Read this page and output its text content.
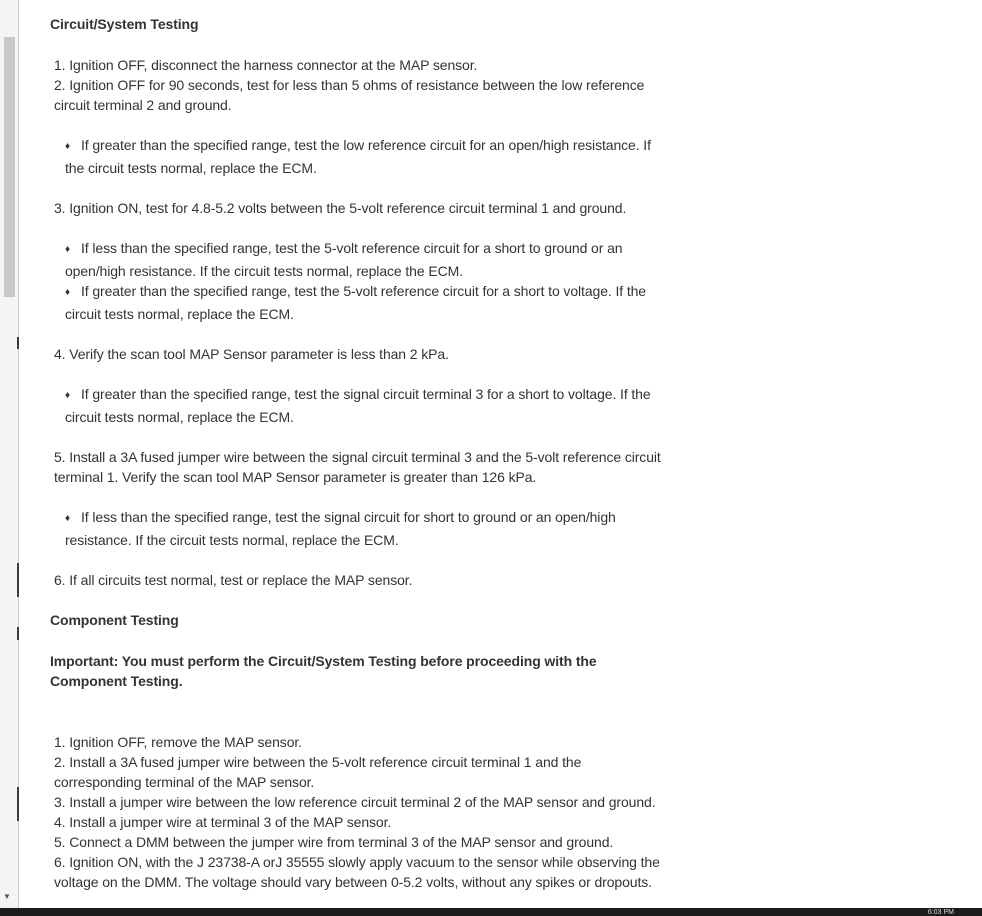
▼
Circuit/System Testing
1. Ignition OFF, disconnect the harness connector at the MAP sensor.
2. Ignition OFF for 90 seconds, test for less than 5 ohms of resistance between the low reference circuit terminal 2 and ground.
♦ If greater than the specified range, test the low reference circuit for an open/high resistance. If the circuit tests normal, replace the ECM.
3. Ignition ON, test for 4.8-5.2 volts between the 5-volt reference circuit terminal 1 and ground.
♦ If less than the specified range, test the 5-volt reference circuit for a short to ground or an open/high resistance. If the circuit tests normal, replace the ECM.
♦ If greater than the specified range, test the 5-volt reference circuit for a short to voltage. If the circuit tests normal, replace the ECM.
4. Verify the scan tool MAP Sensor parameter is less than 2 kPa.
♦ If greater than the specified range, test the signal circuit terminal 3 for a short to voltage. If the circuit tests normal, replace the ECM.
5. Install a 3A fused jumper wire between the signal circuit terminal 3 and the 5-volt reference circuit terminal 1. Verify the scan tool MAP Sensor parameter is greater than 126 kPa.
♦ If less than the specified range, test the signal circuit for short to ground or an open/high resistance. If the circuit tests normal, replace the ECM.
6. If all circuits test normal, test or replace the MAP sensor.
Component Testing
Important: You must perform the Circuit/System Testing before proceeding with the Component Testing.
1. Ignition OFF, remove the MAP sensor.
2. Install a 3A fused jumper wire between the 5-volt reference circuit terminal 1 and the corresponding terminal of the MAP sensor.
3. Install a jumper wire between the low reference circuit terminal 2 of the MAP sensor and ground.
4. Install a jumper wire at terminal 3 of the MAP sensor.
5. Connect a DMM between the jumper wire from terminal 3 of the MAP sensor and ground.
6. Ignition ON, with the J 23738-A orJ 35555 slowly apply vacuum to the sensor while observing the voltage on the DMM. The voltage should vary between 0-5.2 volts, without any spikes or dropouts.
6:03 PM
